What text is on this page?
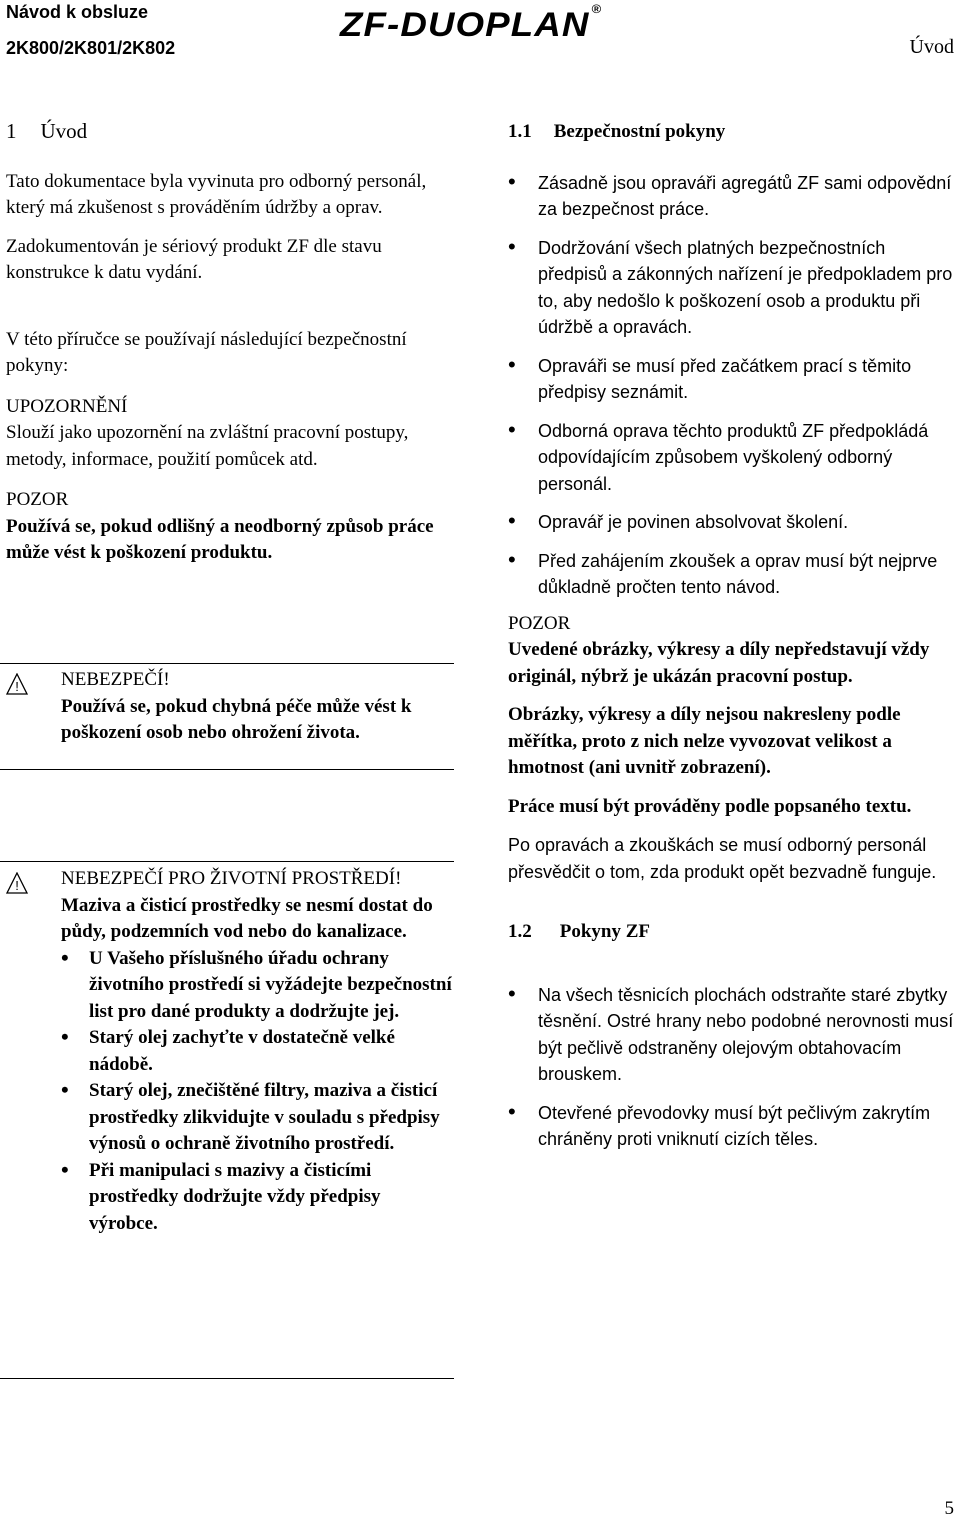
Návod k obsluze
2K800/2K801/2K802
ZF-DUOPLAN ®
Úvod

1 Úvod

Tato dokumentace byla vyvinuta pro odborný personál, který má zkušenost s prováděním údržby a oprav.

Zadokumentován je sériový produkt ZF dle stavu konstrukce k datu vydání.

V této příručce se používají následující bezpečnostní pokyny:

UPOZORNĚNÍ

Slouží jako upozornění na zvláštní pracovní postupy, metody, informace, použití pomůcek atd.

POZOR

Používá se, pokud odlišný a neodborný způsob práce může vést k poškození produktu.

! NEBEZPEČÍ!

Používá se, pokud chybná péče může vést k poškození osob nebo ohrožení života.

! NEBEZPEČÍ PRO ŽIVOTNÍ PROSTŘEDÍ!

Maziva a čisticí prostředky se nesmí dostat do půdy, podzemních vod nebo do kanalizace.

• U Vašeho příslušného úřadu ochrany životního prostředí si vyžádejte bezpečnostní list pro dané produkty a dodržujte jej.
• Starý olej zachyťte v dostatečně velké nádobě.
• Starý olej, znečištěné filtry, maziva a čisticí prostředky zlikvidujte v souladu s předpisy výnosů o ochraně životního prostředí.
• Při manipulaci s mazivy a čisticími prostředky dodržujte vždy předpisy výrobce.

1.1 Bezpečnostní pokyny

• Zásadně jsou opraváři agregátů ZF sami odpovědní za bezpečnost práce.
• Dodržování všech platných bezpečnostních předpisů a zákonných nařízení je předpokladem pro to, aby nedošlo k poškození osob a produktu při údržbě a opravách.
• Opraváři se musí před začátkem prací s těmito předpisy seznámit.
• Odborná oprava těchto produktů ZF předpokládá odpovídajícím způsobem vyškolený odborný personál.
• Opravář je povinen absolvovat školení.
• Před zahájením zkoušek a oprav musí být nejprve důkladně pročten tento návod.

POZOR

Uvedené obrázky, výkresy a díly nepředstavují vždy originál, nýbrž je ukázán pracovní postup.

Obrázky, výkresy a díly nejsou nakresleny podle měřítka, proto z nich nelze vyvozovat velikost a hmotnost (ani uvnitř zobrazení).

Práce musí být prováděny podle popsaného textu.

Po opravách a zkouškách se musí odborný personál přesvědčit o tom, zda produkt opět bezvadně funguje.

1.2 Pokyny ZF

• Na všech těsnicích plochách odstraňte staré zbytky těsnění. Ostré hrany nebo podobné nerovnosti musí být pečlivě odstraněny olejovým obtahovacím brouskem.
• Otevřené převodovky musí být pečlivým zakrytím chráněny proti vniknutí cizích těles.
5
